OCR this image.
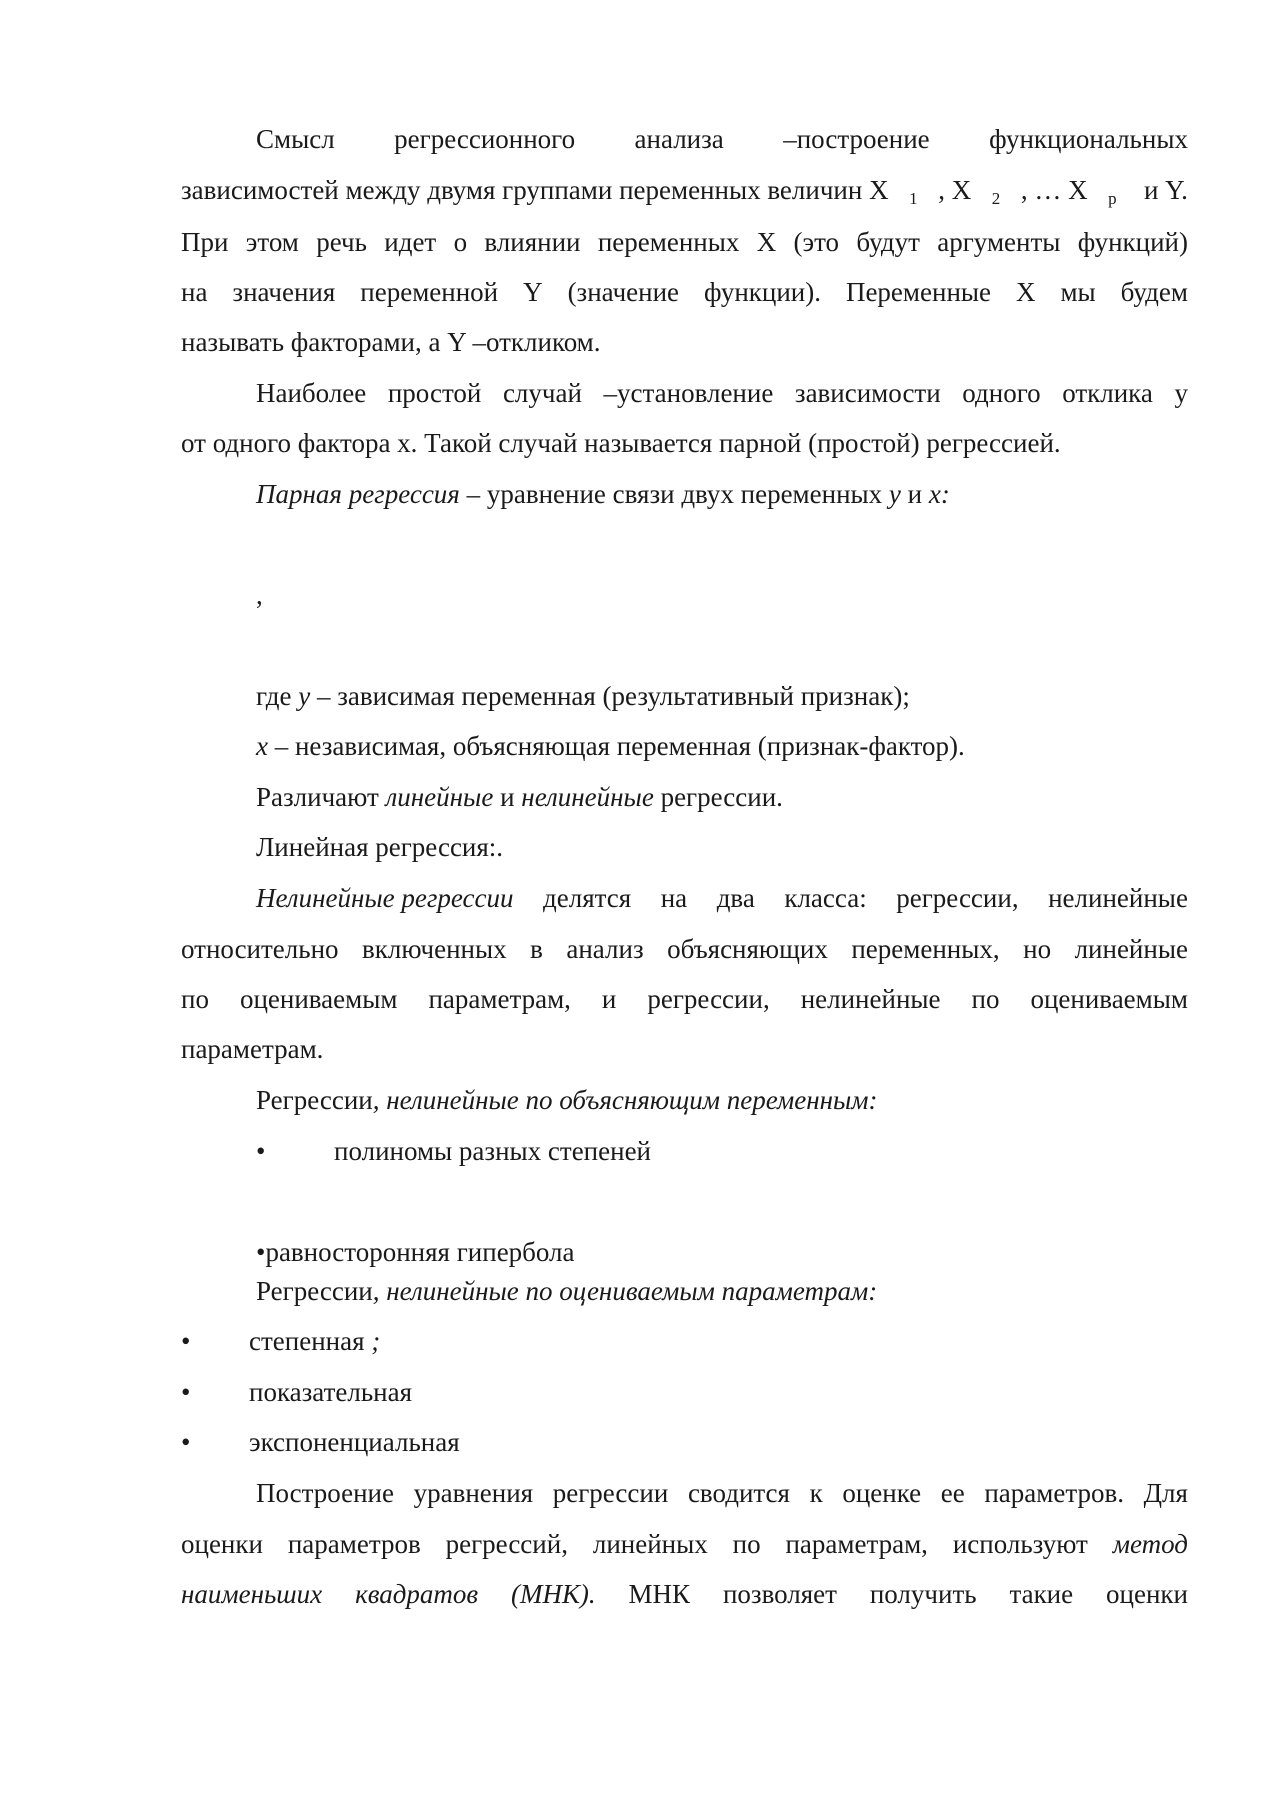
Смысл регрессионного анализа –построение функциональных
зависимостей между двумя группами переменных величин Х $_1$ , Х $_2$ , … Х $_р$ и Y.
При этом речь идет о влиянии переменных Х (это будут аргументы функций)
на значения переменной Y (значение функции). Переменные Х мы будем
называть факторами, а Y –откликом.
Наиболее простой случай –установление зависимости одного отклика у
от одного фактора х. Такой случай называется парной (простой) регрессией.
Парная регрессия – уравнение связи двух переменных у и х:
,
где у – зависимая переменная (результативный признак);
х – независимая, объясняющая переменная (признак-фактор).
Различают линейные и нелинейные регрессии.
Линейная регрессия:.
Нелинейные регрессии делятся на два класса: регрессии, нелинейные
относительно включенных в анализ объясняющих переменных, но линейные
по оцениваемым параметрам, и регрессии, нелинейные по оцениваемым
параметрам.
Регрессии, нелинейные по объясняющим переменным:
•	полиномы разных степеней
•равносторонняя гипербола
Регрессии, нелинейные по оцениваемым параметрам:
• степенная ;
• показательная
• экспоненциальная
Построение уравнения регрессии сводится к оценке ее параметров. Для
оценки параметров регрессий, линейных по параметрам, используют метод
наименьших квадратов (МНК). МНК позволяет получить такие оценки
